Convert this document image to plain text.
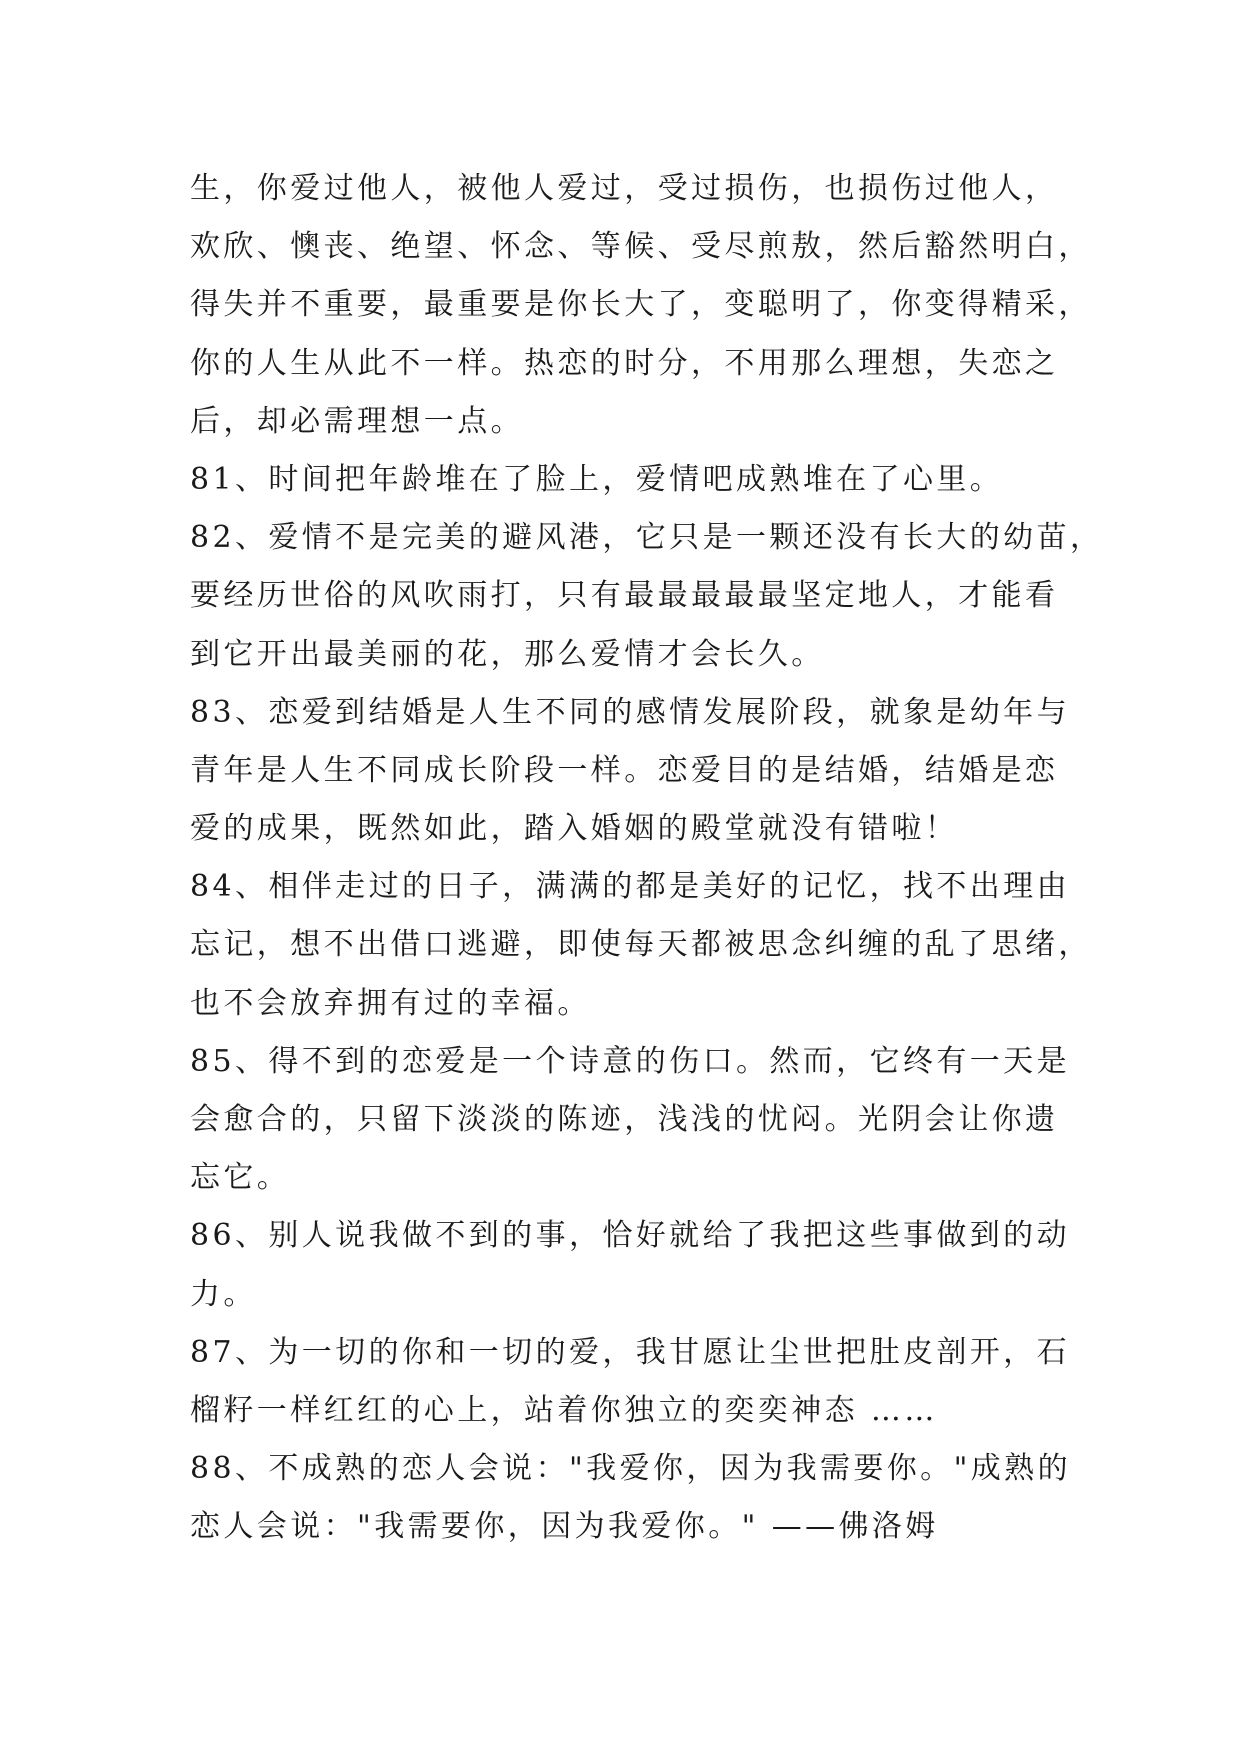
生，你爱过他人，被他人爱过，受过损伤，也损伤过他人，
欢欣、懊丧、绝望、怀念、等候、受尽煎敖，然后豁然明白，
得失并不重要，最重要是你长大了，变聪明了，你变得精采，
你的人生从此不一样。热恋的时分，不用那么理想，失恋之
后，却必需理想一点。
81、时间把年龄堆在了脸上，爱情吧成熟堆在了心里。
82、爱情不是完美的避风港，它只是一颗还没有长大的幼苗，
要经历世俗的风吹雨打，只有最最最最最坚定地人，才能看
到它开出最美丽的花，那么爱情才会长久。
83、恋爱到结婚是人生不同的感情发展阶段，就象是幼年与
青年是人生不同成长阶段一样。恋爱目的是结婚，结婚是恋
爱的成果，既然如此，踏入婚姻的殿堂就没有错啦！
84、相伴走过的日子，满满的都是美好的记忆，找不出理由
忘记，想不出借口逃避，即使每天都被思念纠缠的乱了思绪，
也不会放弃拥有过的幸福。
85、得不到的恋爱是一个诗意的伤口。然而，它终有一天是
会愈合的，只留下淡淡的陈迹，浅浅的忧闷。光阴会让你遗
忘它。
86、别人说我做不到的事，恰好就给了我把这些事做到的动
力。
87、为一切的你和一切的爱，我甘愿让尘世把肚皮剖开，石
榴籽一样红红的心上，站着你独立的奕奕神态 ……
88、不成熟的恋人会说："我爱你，因为我需要你。"成熟的
恋人会说："我需要你，因为我爱你。" ——佛洛姆
